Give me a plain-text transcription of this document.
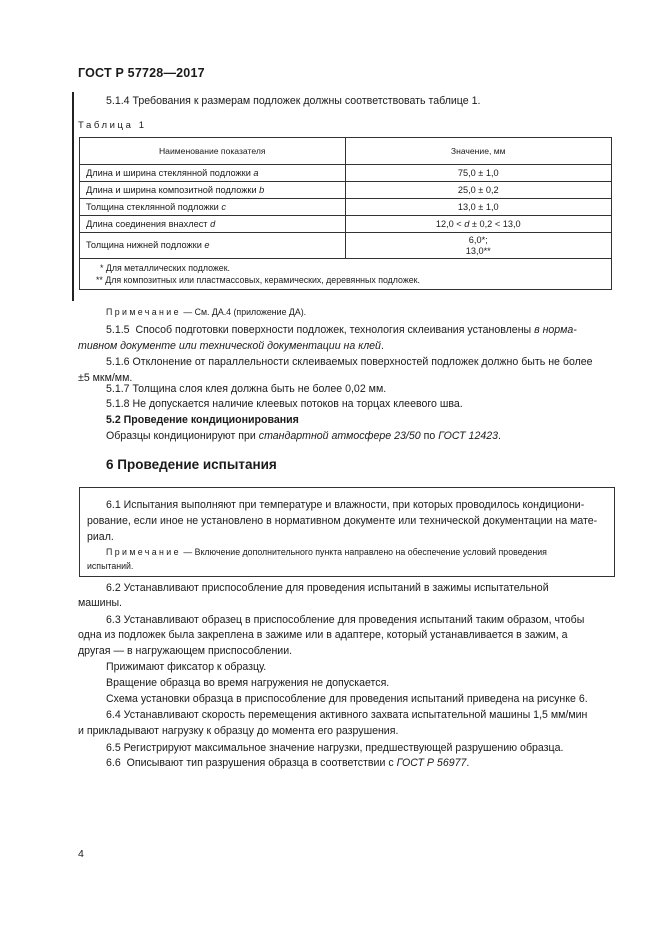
ГОСТ Р 57728—2017
5.1.4 Требования к размерам подложек должны соответствовать таблице 1.
Таблица 1
Наименование показателя	Значение, мм
Длина и ширина стеклянной подложки a	75,0 ± 1,0
Длина и ширина композитной подложки b	25,0 ± 0,2
Толщина стеклянной подложки c	13,0 ± 1,0
Длина соединения внахлест d	12,0 < d ± 0,2 < 13,0
Толщина нижней подложки e	6,0*;
13,0**

* Для металлических подложек.
** Для композитных или пластмассовых, керамических, деревянных подложек.	
Примечание — См. ДА.4 (приложение ДА).
5.1.5  Способ подготовки поверхности подложек, технология склеивания установлены в норма-
тивном документе или технической документации на клей.
5.1.6 Отклонение от параллельности склеиваемых поверхностей подложек должно быть не более
±5 мкм/мм.
5.1.7 Толщина слоя клея должна быть не более 0,02 мм.
5.1.8 Не допускается наличие клеевых потоков на торцах клеевого шва.
5.2 Проведение кондиционирования
Образцы кондиционируют при стандартной атмосфере 23/50 по ГОСТ 12423.
6 Проведение испытания
6.1 Испытания выполняют при температуре и влажности, при которых проводилось кондициони-
рование, если иное не установлено в нормативном документе или технической документации на мате-
риал.
Примечание — Включение дополнительного пункта направлено на обеспечение условий проведения
испытаний.
6.2 Устанавливают приспособление для проведения испытаний в зажимы испытательной
машины.
6.3 Устанавливают образец в приспособление для проведения испытаний таким образом, чтобы
одна из подложек была закреплена в зажиме или в адаптере, который устанавливается в зажим, а
другая — в нагружающем приспособлении.
Прижимают фиксатор к образцу.
Вращение образца во время нагружения не допускается.
Схема установки образца в приспособление для проведения испытаний приведена на рисунке 6.
6.4 Устанавливают скорость перемещения активного захвата испытательной машины 1,5 мм/мин
и прикладывают нагрузку к образцу до момента его разрушения.
6.5 Регистрируют максимальное значение нагрузки, предшествующей разрушению образца.
6.6  Описывают тип разрушения образца в соответствии с ГОСТ Р 56977.
4
